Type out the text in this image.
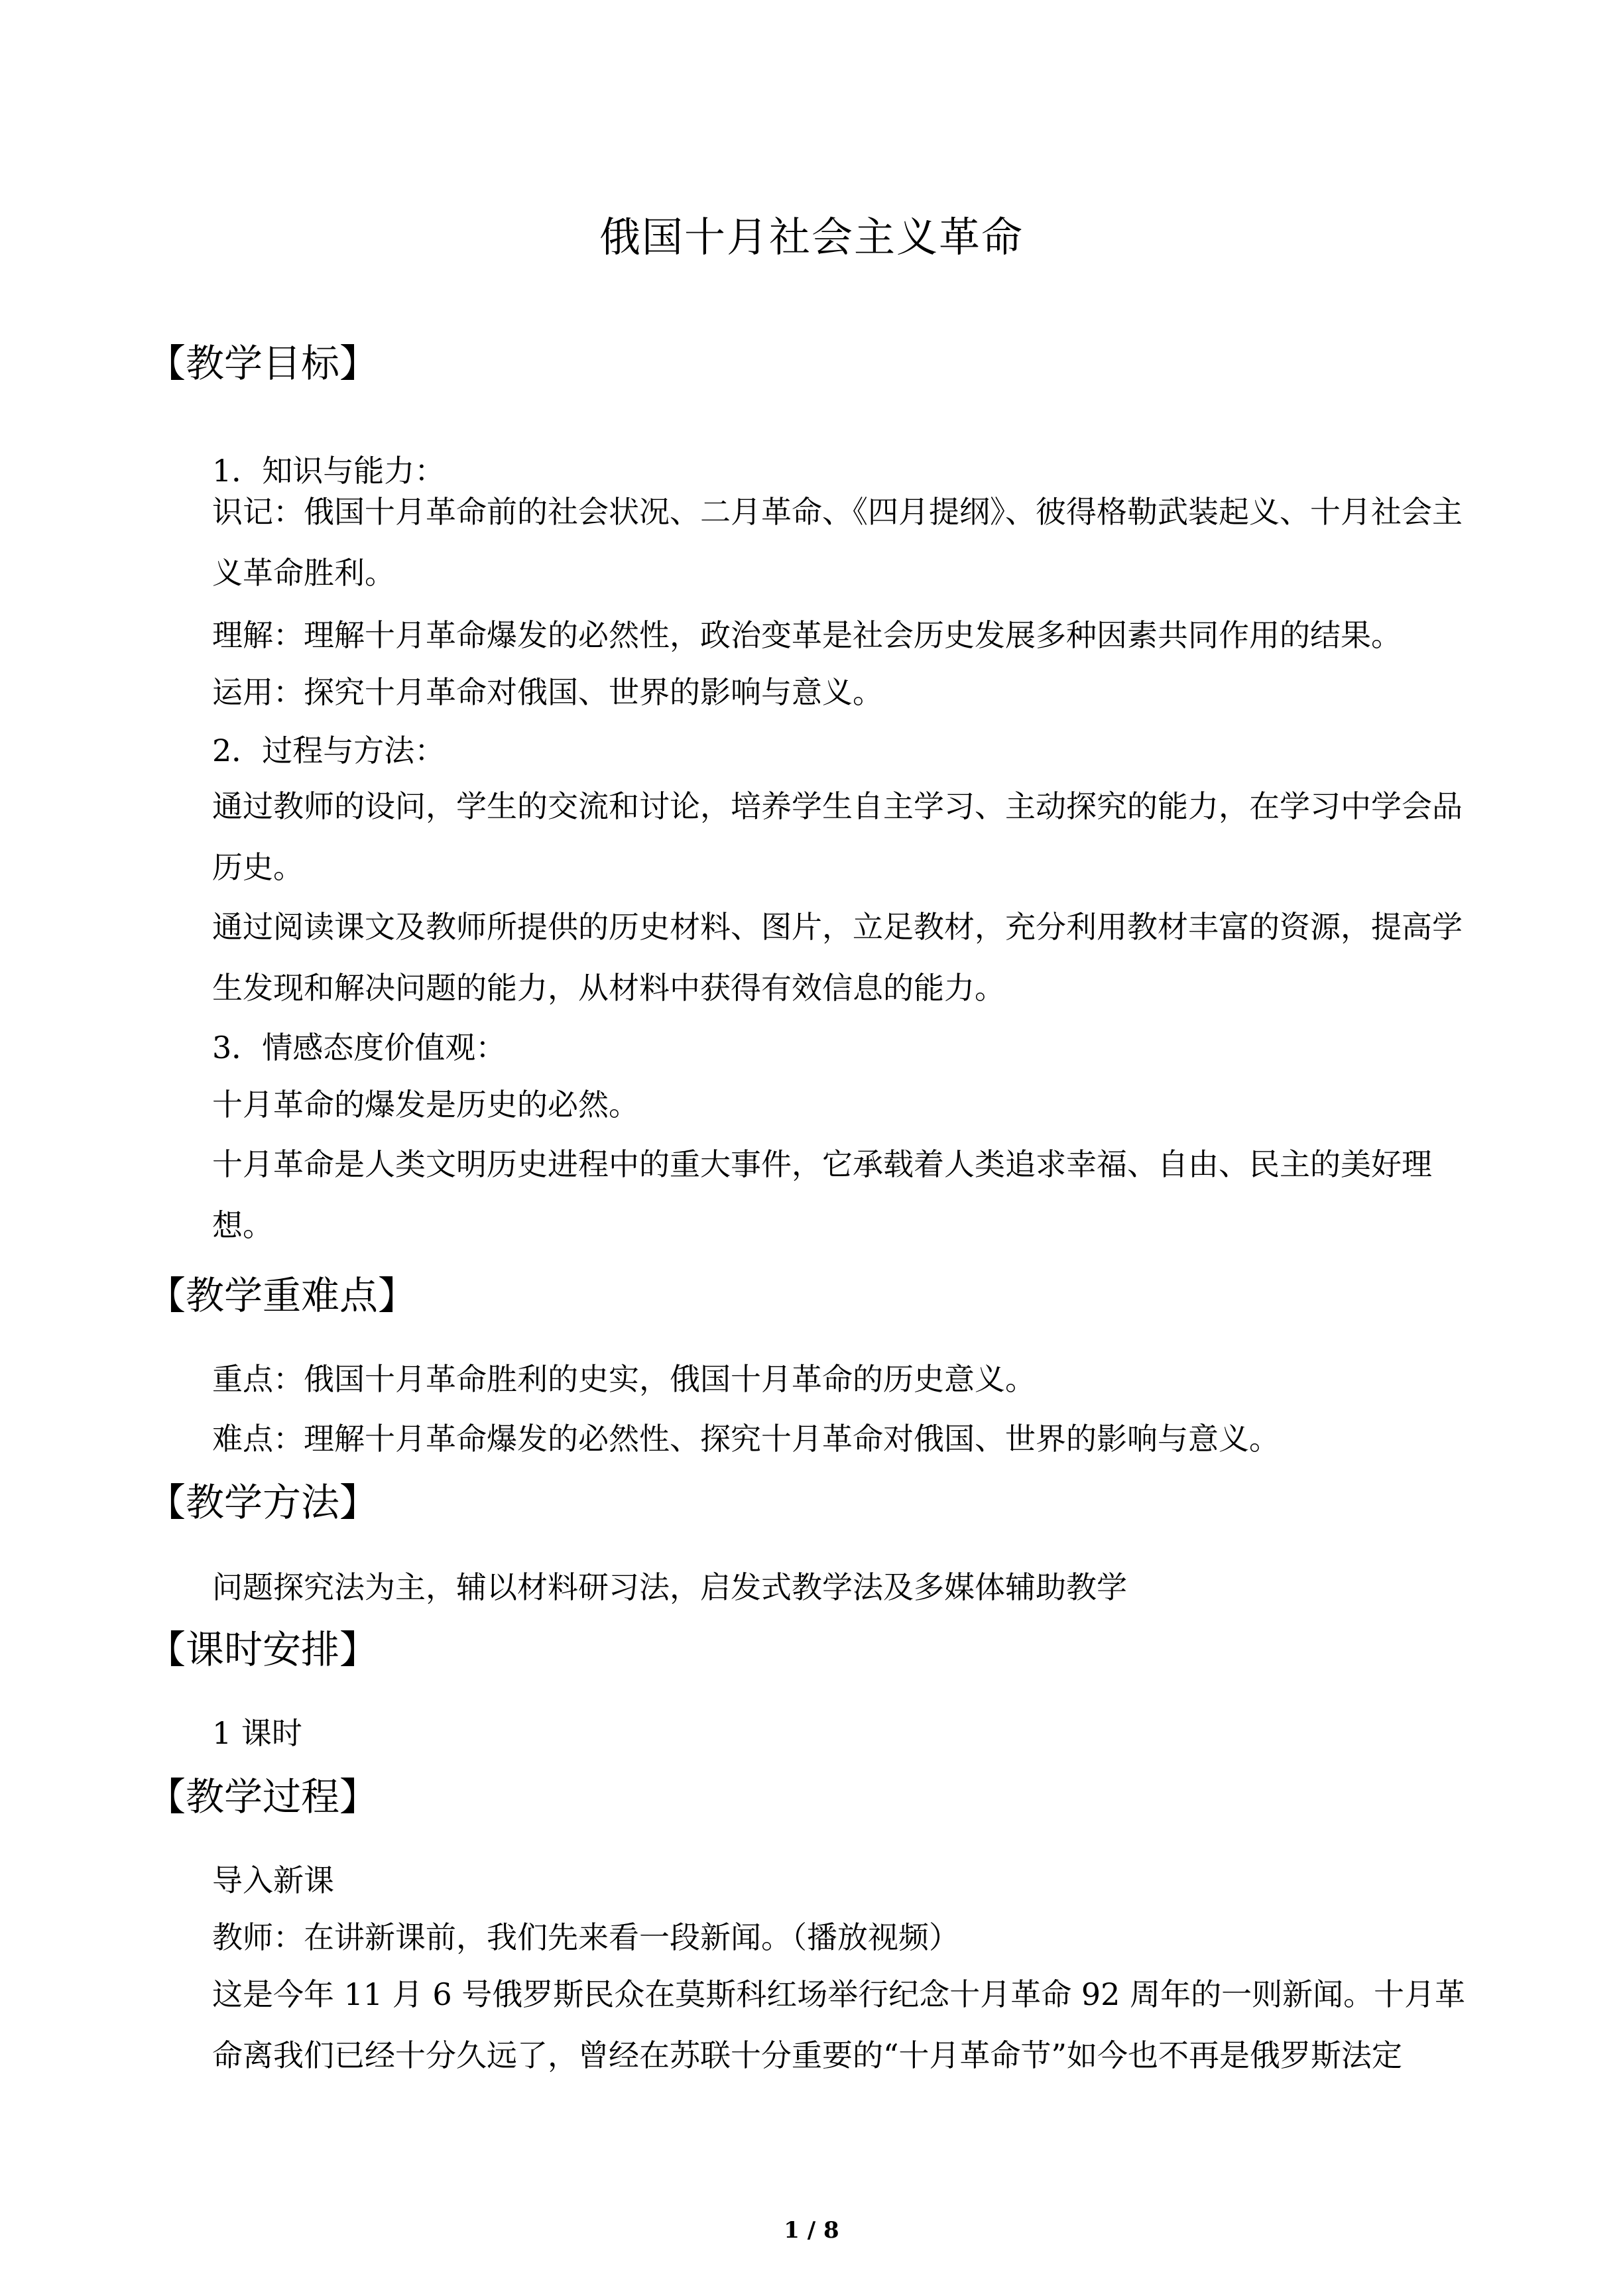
俄国十月社会主义革命
【教学目标】
1．知识与能力：
识记：俄国十月革命前的社会状况、二月革命、《四月提纲》、彼得格勒武装起义、十月社会主义革命胜利。
理解：理解十月革命爆发的必然性，政治变革是社会历史发展多种因素共同作用的结果。
运用：探究十月革命对俄国、世界的影响与意义。
2．过程与方法：
通过教师的设问，学生的交流和讨论，培养学生自主学习、主动探究的能力，在学习中学会品历史。
通过阅读课文及教师所提供的历史材料、图片，立足教材，充分利用教材丰富的资源，提高学生发现和解决问题的能力，从材料中获得有效信息的能力。
3．情感态度价值观：
十月革命的爆发是历史的必然。
十月革命是人类文明历史进程中的重大事件，它承载着人类追求幸福、自由、民主的美好理想。
【教学重难点】
重点：俄国十月革命胜利的史实，俄国十月革命的历史意义。
难点：理解十月革命爆发的必然性、探究十月革命对俄国、世界的影响与意义。
【教学方法】
问题探究法为主，辅以材料研习法，启发式教学法及多媒体辅助教学
【课时安排】
1 课时
【教学过程】
导入新课
教师：在讲新课前，我们先来看一段新闻。（播放视频）
这是今年 11 月 6 号俄罗斯民众在莫斯科红场举行纪念十月革命 92 周年的一则新闻。十月革命离我们已经十分久远了，曾经在苏联十分重要的“十月革命节”如今也不再是俄罗斯法定
1 / 8
